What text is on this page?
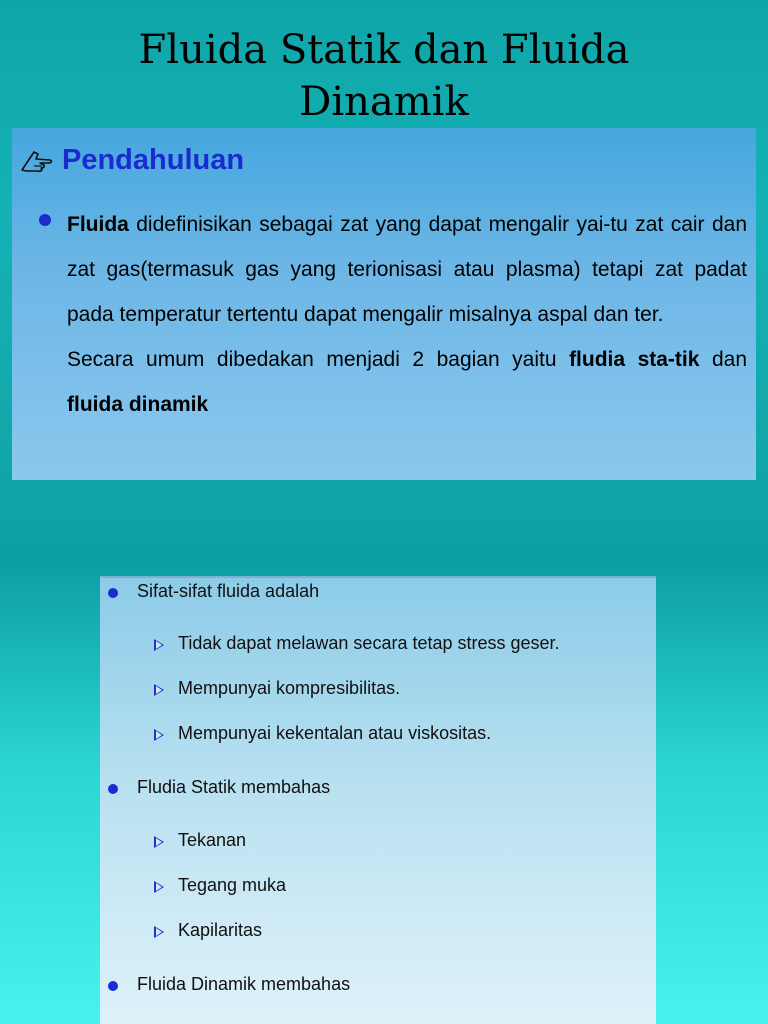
Fluida Statik dan Fluida
Dinamik
Pendahuluan
Fluida didefinisikan sebagai zat yang dapat mengalir yai-tu zat cair dan zat gas(termasuk gas yang terionisasi atau plasma) tetapi zat padat pada temperatur tertentu dapat mengalir misalnya aspal dan ter.
Secara umum dibedakan menjadi 2 bagian yaitu fludia sta-tik dan fluida dinamik
Sifat-sifat fluida adalah
Tidak dapat melawan secara tetap stress geser.
Mempunyai kompresibilitas.
Mempunyai kekentalan atau viskositas.
Fludia Statik membahas
Tekanan
Tegang muka
Kapilaritas
Fluida Dinamik membahas
